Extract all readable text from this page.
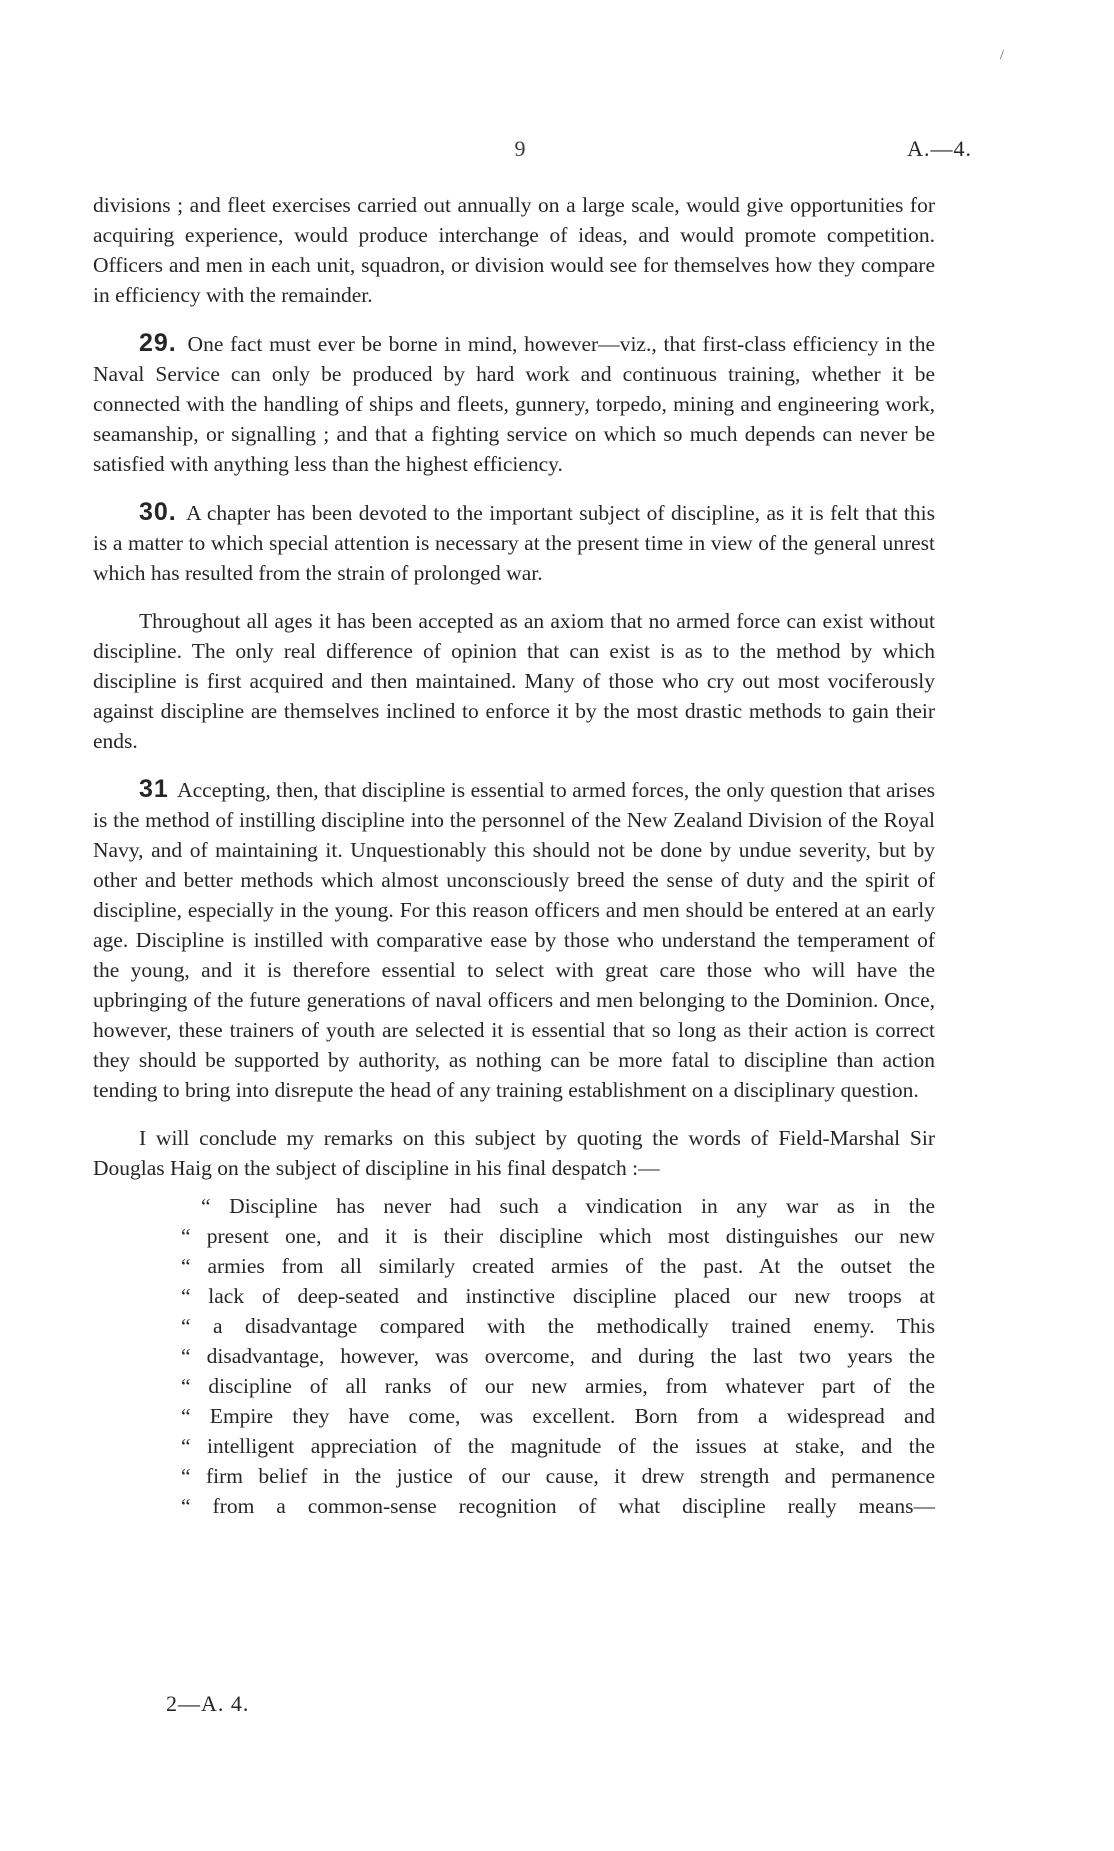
9	A.—4.
/

divisions ; and fleet exercises carried out annually on a large scale, would give opportunities for acquiring experience, would produce interchange of ideas, and would promote competition. Officers and men in each unit, squadron, or division would see for themselves how they compare in efficiency with the remainder.

29. One fact must ever be borne in mind, however—viz., that first-class efficiency in the Naval Service can only be produced by hard work and continuous training, whether it be connected with the handling of ships and fleets, gunnery, torpedo, mining and engineering work, seamanship, or signalling ; and that a fighting service on which so much depends can never be satisfied with anything less than the highest efficiency.

30. A chapter has been devoted to the important subject of discipline, as it is felt that this is a matter to which special attention is necessary at the present time in view of the general unrest which has resulted from the strain of prolonged war.

Throughout all ages it has been accepted as an axiom that no armed force can exist without discipline. The only real difference of opinion that can exist is as to the method by which discipline is first acquired and then maintained. Many of those who cry out most vociferously against discipline are themselves inclined to enforce it by the most drastic methods to gain their ends.

31 Accepting, then, that discipline is essential to armed forces, the only question that arises is the method of instilling discipline into the personnel of the New Zealand Division of the Royal Navy, and of maintaining it. Unquestionably this should not be done by undue severity, but by other and better methods which almost unconsciously breed the sense of duty and the spirit of discipline, especially in the young. For this reason officers and men should be entered at an early age. Discipline is instilled with comparative ease by those who understand the temperament of the young, and it is therefore essential to select with great care those who will have the upbringing of the future generations of naval officers and men belonging to the Dominion. Once, however, these trainers of youth are selected it is essential that so long as their action is correct they should be supported by authority, as nothing can be more fatal to discipline than action tending to bring into disrepute the head of any training establishment on a disciplinary question.

I will conclude my remarks on this subject by quoting the words of Field-Marshal Sir Douglas Haig on the subject of discipline in his final despatch :—

“ Discipline has never had such a vindication in any war as in the
“ present one, and it is their discipline which most distinguishes our new
“ armies from all similarly created armies of the past. At the outset the
“ lack of deep-seated and instinctive discipline placed our new troops at
“ a disadvantage compared with the methodically trained enemy. This
“ disadvantage, however, was overcome, and during the last two years the
“ discipline of all ranks of our new armies, from whatever part of the
“ Empire they have come, was excellent. Born from a widespread and
“ intelligent appreciation of the magnitude of the issues at stake, and the
“ firm belief in the justice of our cause, it drew strength and permanence
“ from a common-sense recognition of what discipline really means—
2—A. 4.
